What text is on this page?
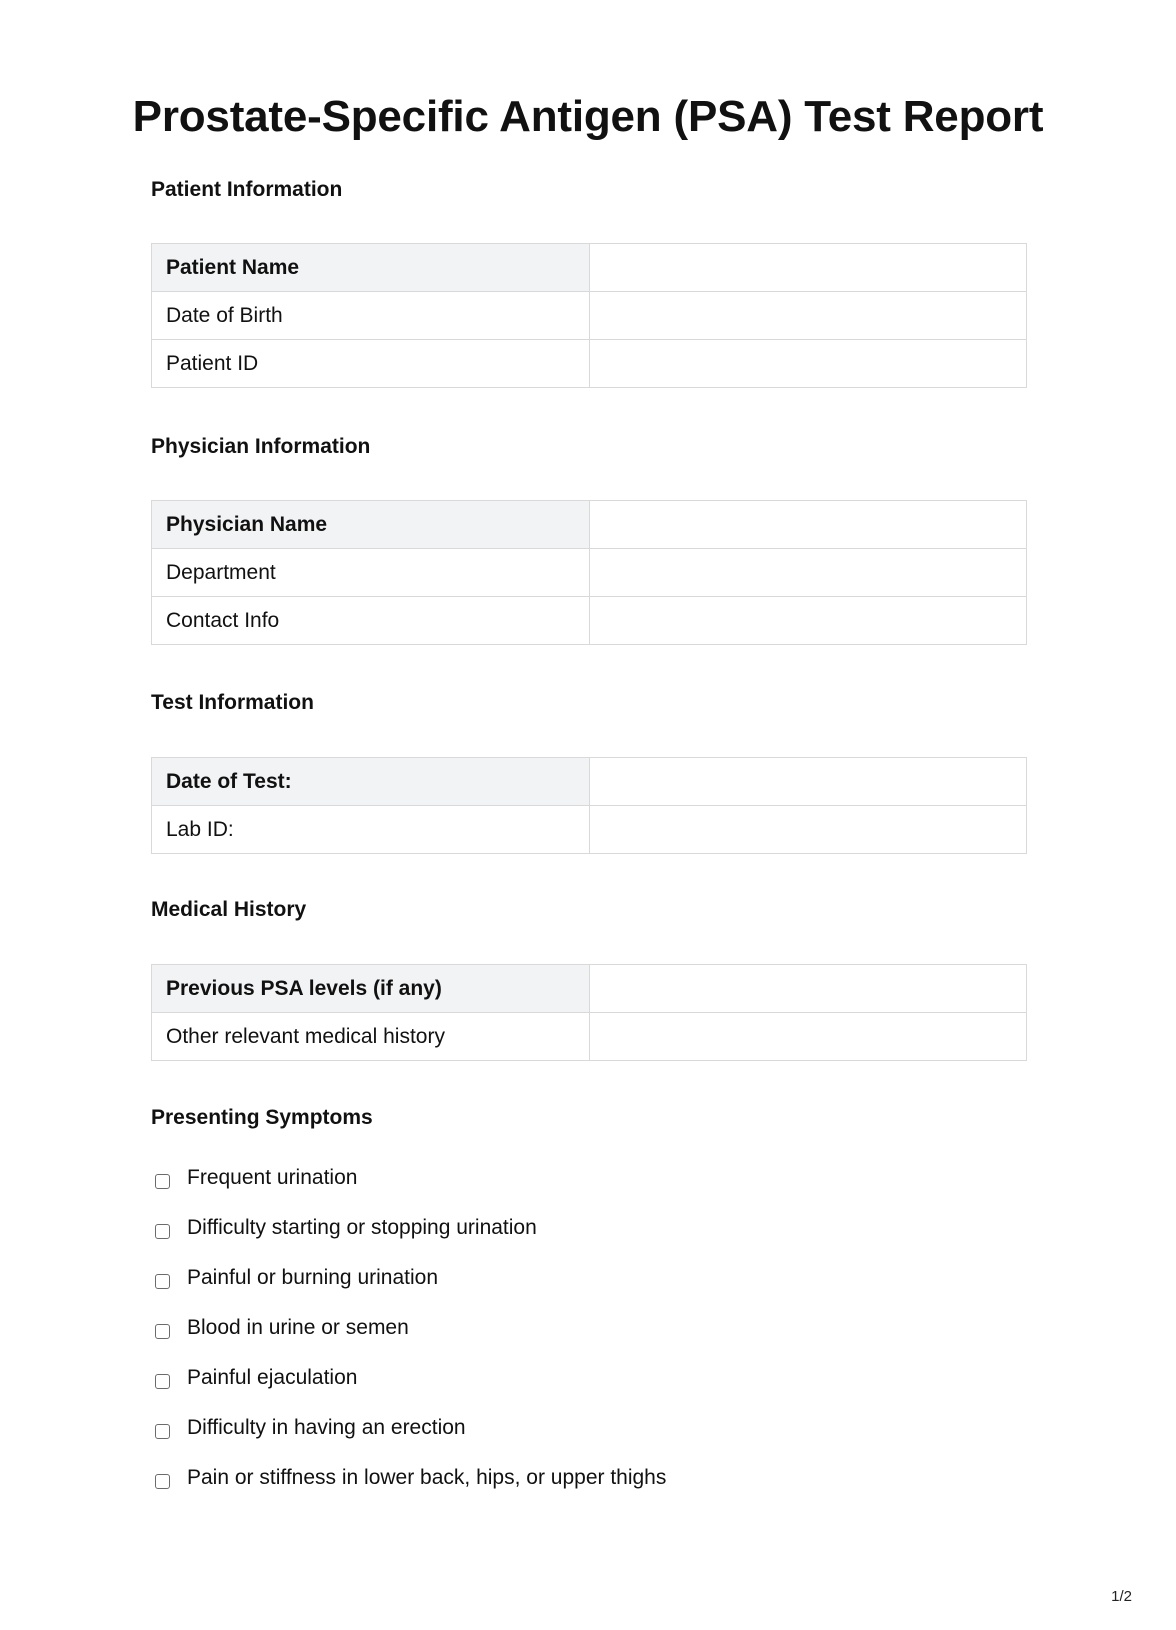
Prostate-Specific Antigen (PSA) Test Report
Patient Information
Patient Name	
Date of Birth	
Patient ID	
Physician Information
Physician Name	
Department	
Contact Info	
Test Information
Date of Test:	
Lab ID:	
Medical History
Previous PSA levels (if any)	
Other relevant medical history	
Presenting Symptoms
Frequent urination
Difficulty starting or stopping urination
Painful or burning urination
Blood in urine or semen
Painful ejaculation
Difficulty in having an erection
Pain or stiffness in lower back, hips, or upper thighs
1/2
